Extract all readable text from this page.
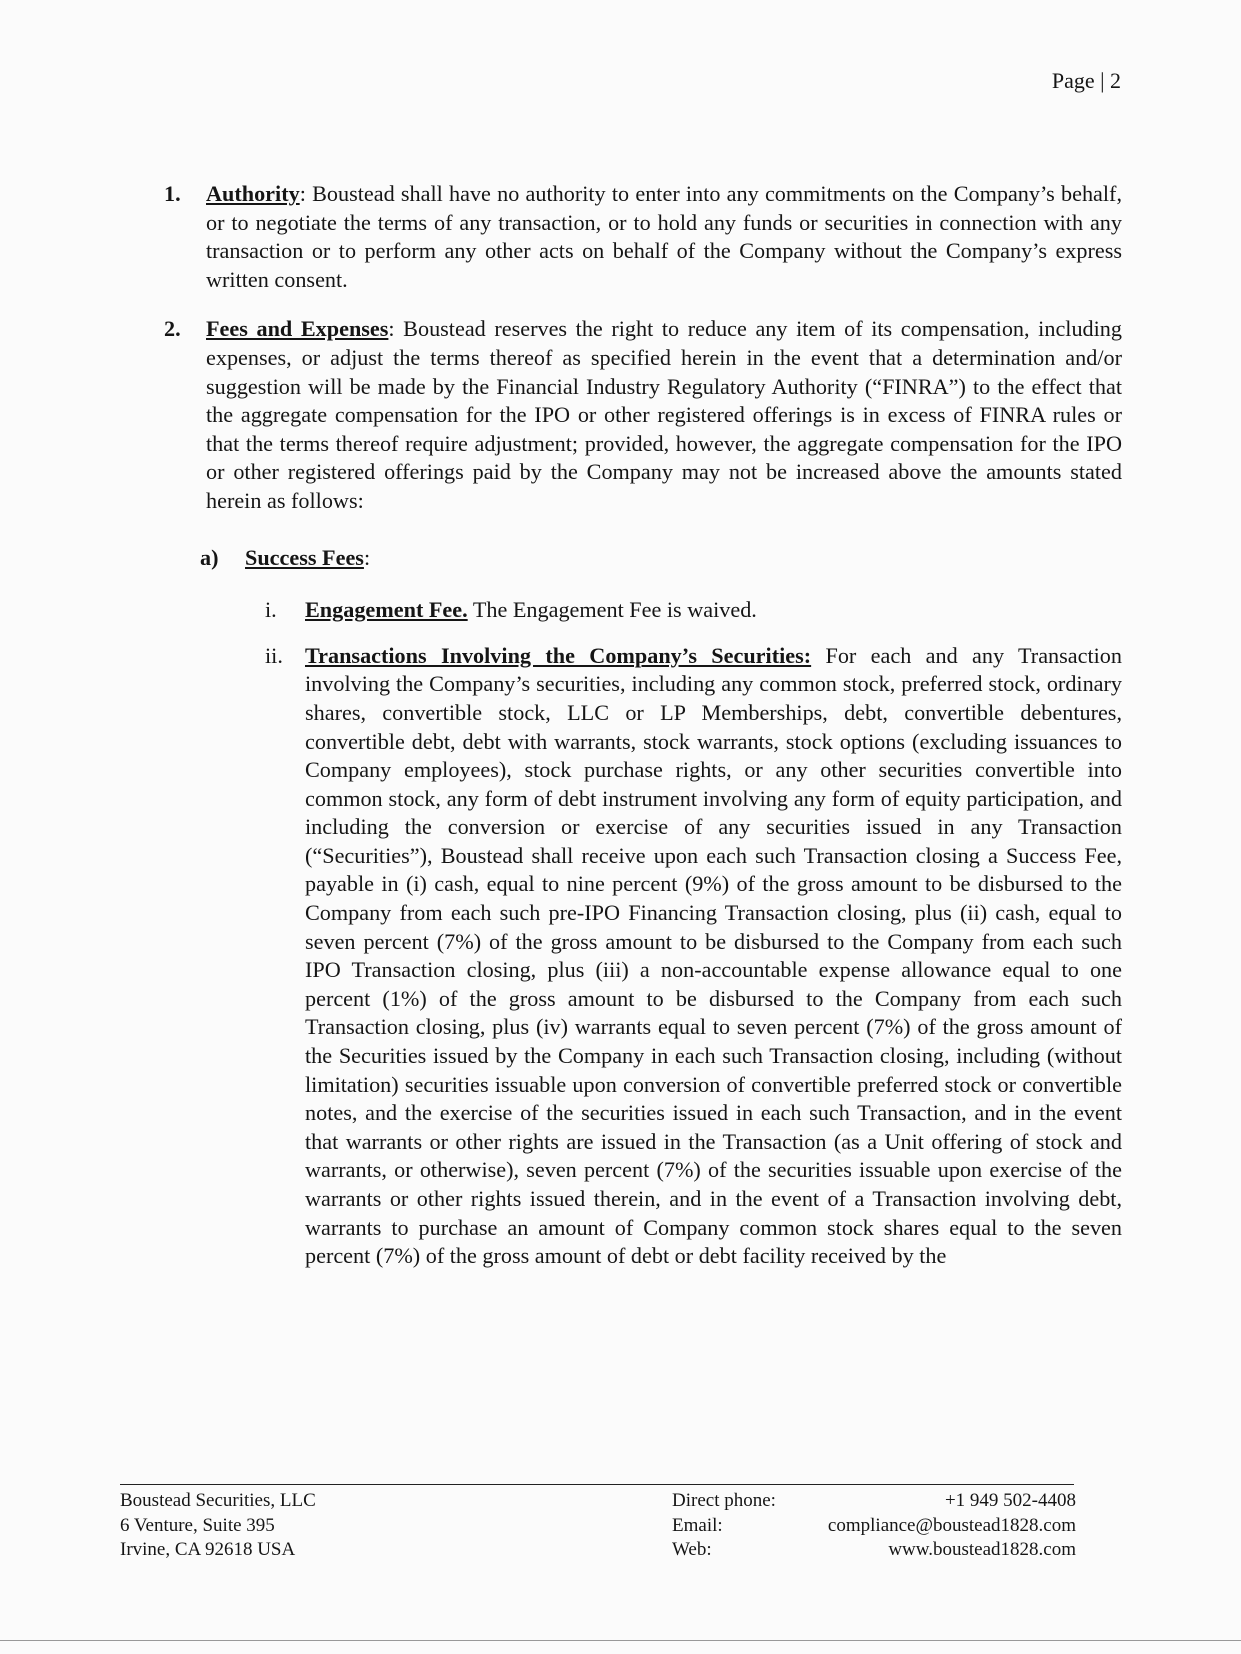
Page | 2
1. Authority: Boustead shall have no authority to enter into any commitments on the Company’s behalf, or to negotiate the terms of any transaction, or to hold any funds or securities in connection with any transaction or to perform any other acts on behalf of the Company without the Company’s express written consent.

2. Fees and Expenses: Boustead reserves the right to reduce any item of its compensation, including expenses, or adjust the terms thereof as specified herein in the event that a determination and/or suggestion will be made by the Financial Industry Regulatory Authority (“FINRA”) to the effect that the aggregate compensation for the IPO or other registered offerings is in excess of FINRA rules or that the terms thereof require adjustment; provided, however, the aggregate compensation for the IPO or other registered offerings paid by the Company may not be increased above the amounts stated herein as follows:

a) Success Fees:
i. Engagement Fee. The Engagement Fee is waived.

ii. Transactions Involving the Company’s Securities: For each and any Transaction involving the Company’s securities, including any common stock, preferred stock, ordinary shares, convertible stock, LLC or LP Memberships, debt, convertible debentures, convertible debt, debt with warrants, stock warrants, stock options (excluding issuances to Company employees), stock purchase rights, or any other securities convertible into common stock, any form of debt instrument involving any form of equity participation, and including the conversion or exercise of any securities issued in any Transaction (“Securities”), Boustead shall receive upon each such Transaction closing a Success Fee, payable in (i) cash, equal to nine percent (9%) of the gross amount to be disbursed to the Company from each such pre-IPO Financing Transaction closing, plus (ii) cash, equal to seven percent (7%) of the gross amount to be disbursed to the Company from each such IPO Transaction closing, plus (iii) a non-accountable expense allowance equal to one percent (1%) of the gross amount to be disbursed to the Company from each such Transaction closing, plus (iv) warrants equal to seven percent (7%) of the gross amount of the Securities issued by the Company in each such Transaction closing, including (without limitation) securities issuable upon conversion of convertible preferred stock or convertible notes, and the exercise of the securities issued in each such Transaction, and in the event that warrants or other rights are issued in the Transaction (as a Unit offering of stock and warrants, or otherwise), seven percent (7%) of the securities issuable upon exercise of the warrants or other rights issued therein, and in the event of a Transaction involving debt, warrants to purchase an amount of Company common stock shares equal to the seven percent (7%) of the gross amount of debt or debt facility received by the

Boustead Securities, LLC
6 Venture, Suite 395
Irvine, CA 92618 USA
Direct phone:	+1 949 502-4408
Email:	compliance@boustead1828.com
Web:	www.boustead1828.com
